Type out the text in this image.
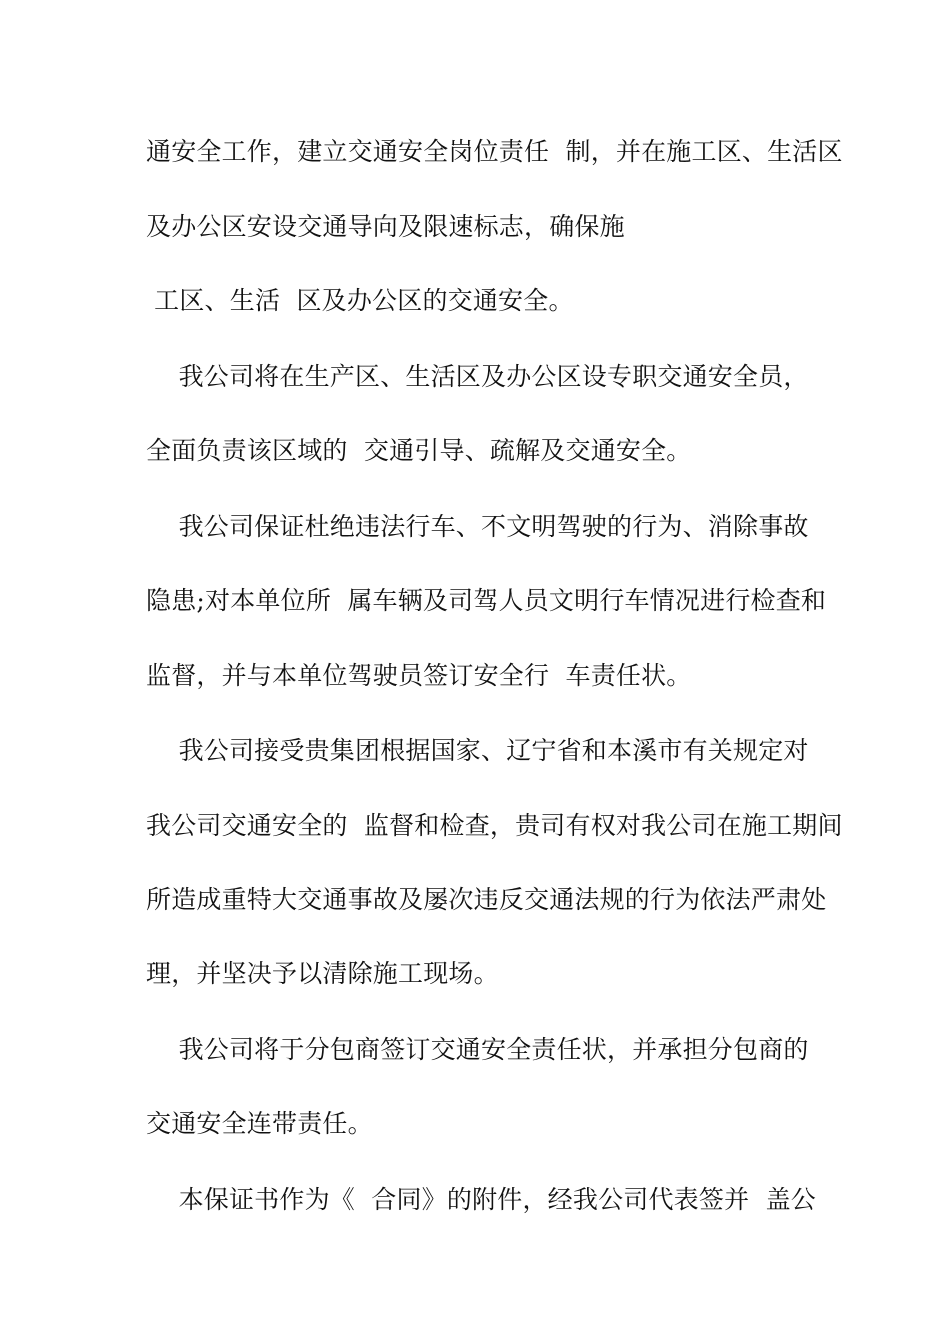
通安全工作，建立交通安全岗位责任  制，并在施工区、生活区
及办公区安设交通导向及限速标志，确保施
工区、生活  区及办公区的交通安全。
我公司将在生产区、生活区及办公区设专职交通安全员，
全面负责该区域的  交通引导、疏解及交通安全。
我公司保证杜绝违法行车、不文明驾驶的行为、消除事故
隐患;对本单位所  属车辆及司驾人员文明行车情况进行检查和
监督，并与本单位驾驶员签订安全行  车责任状。
我公司接受贵集团根据国家、辽宁省和本溪市有关规定对
我公司交通安全的  监督和检查，贵司有权对我公司在施工期间
所造成重特大交通事故及屡次违反交通法规的行为依法严肃处
理，并坚决予以清除施工现场。
我公司将于分包商签订交通安全责任状，并承担分包商的
交通安全连带责任。
本保证书作为《  合同》的附件，经我公司代表签并  盖公
